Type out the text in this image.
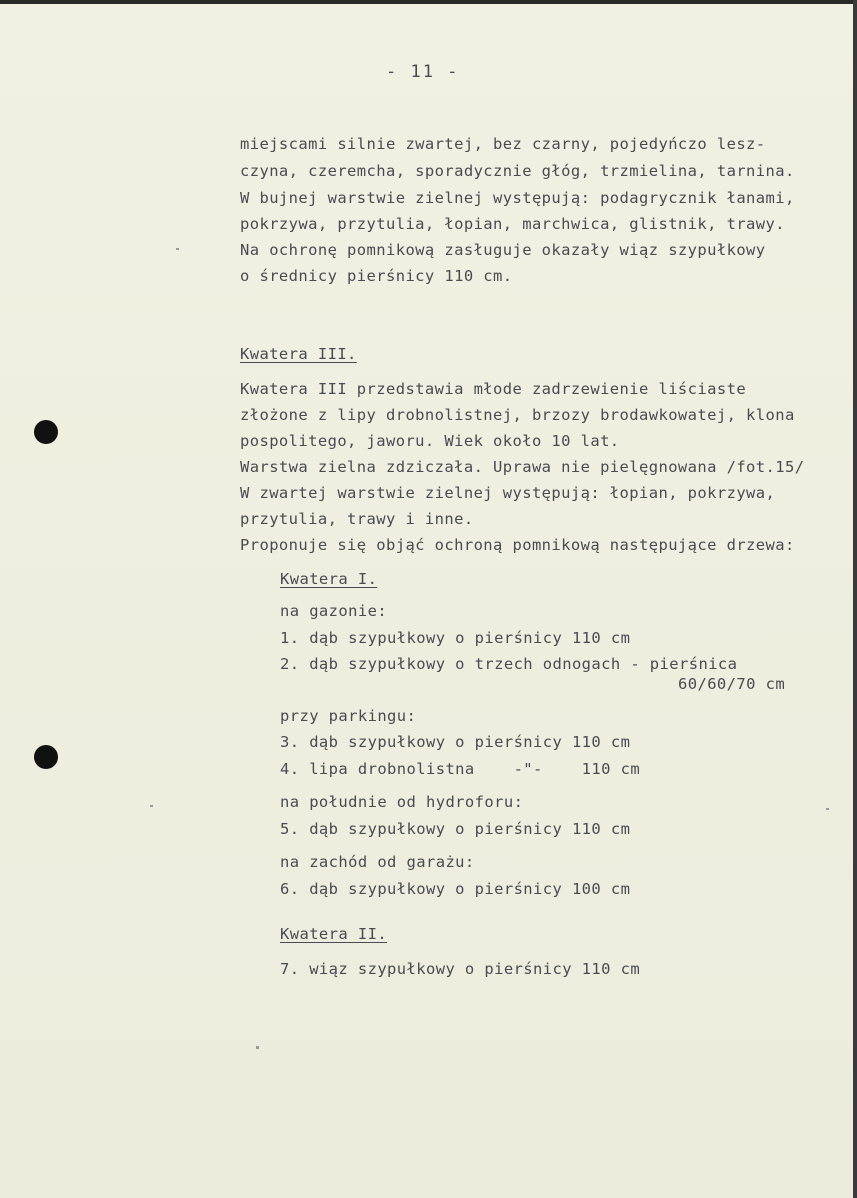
- 11 -
miejscami silnie zwartej, bez czarny, pojedyńczo lesz-
czyna, czeremcha, sporadycznie głóg, trzmielina, tarnina.
W bujnej warstwie zielnej występują: podagrycznik łanami,
pokrzywa, przytulia, łopian, marchwica, glistnik, trawy.
Na ochronę pomnikową zasługuje okazały wiąz szypułkowy
o średnicy pierśnicy 110 cm.
Kwatera III.
Kwatera III przedstawia młode zadrzewienie liściaste
złożone z lipy drobnolistnej, brzozy brodawkowatej, klona
pospolitego, jaworu. Wiek około 10 lat.
Warstwa zielna zdziczała. Uprawa nie pielęgnowana /fot.15/
W zwartej warstwie zielnej występują: łopian, pokrzywa,
przytulia, trawy i inne.
Proponuje się objąć ochroną pomnikową następujące drzewa:
Kwatera I.
na gazonie:
1. dąb szypułkowy o pierśnicy 110 cm
2. dąb szypułkowy o trzech odnogach - pierśnica
60/60/70 cm
przy parkingu:
3. dąb szypułkowy o pierśnicy 110 cm
4. lipa drobnolistna    -"-    110 cm
na południe od hydroforu:
5. dąb szypułkowy o pierśnicy 110 cm
na zachód od garażu:
6. dąb szypułkowy o pierśnicy 100 cm
Kwatera II.
7. wiąz szypułkowy o pierśnicy 110 cm
